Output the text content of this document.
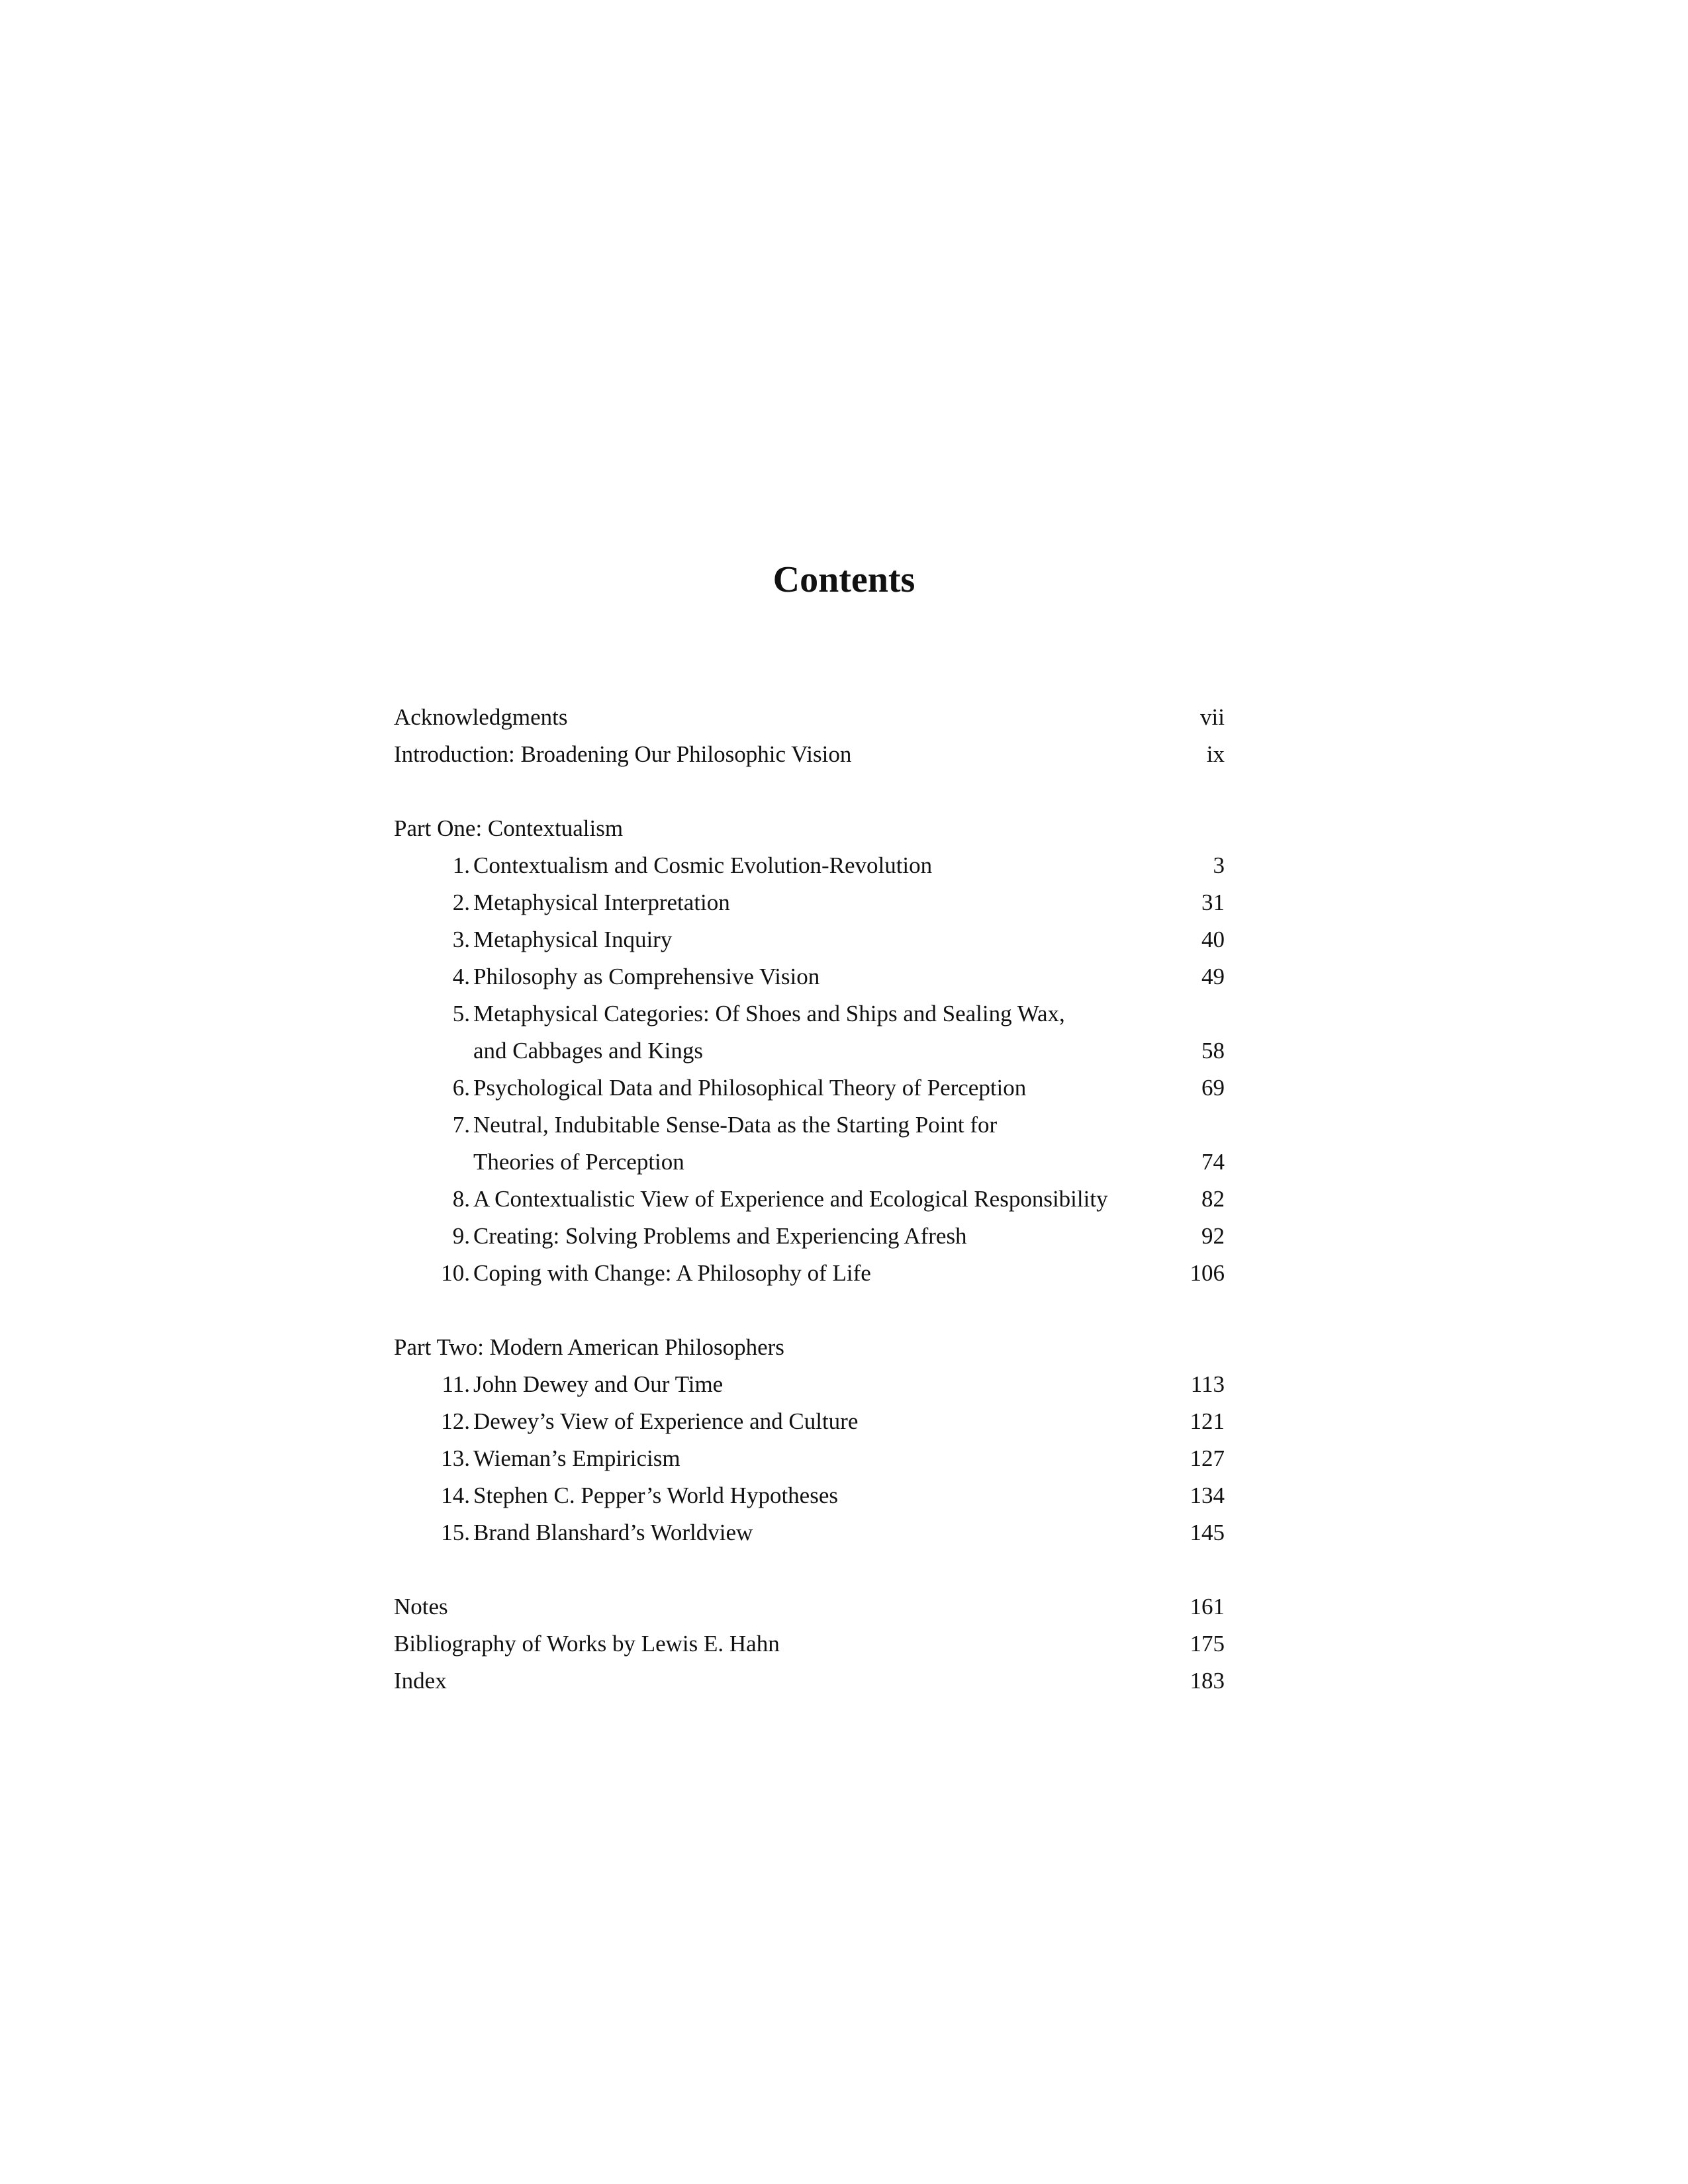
Contents
Acknowledgments	vii
Introduction: Broadening Our Philosophic Vision	ix
Part One: Contextualism
1. Contextualism and Cosmic Evolution-Revolution	3
2. Metaphysical Interpretation	31
3. Metaphysical Inquiry	40
4. Philosophy as Comprehensive Vision	49
5. Metaphysical Categories: Of Shoes and Ships and Sealing Wax,
and Cabbages and Kings	58
6. Psychological Data and Philosophical Theory of Perception	69
7. Neutral, Indubitable Sense-Data as the Starting Point for
Theories of Perception	74
8. A Contextualistic View of Experience and Ecological Responsibility	82
9. Creating: Solving Problems and Experiencing Afresh	92
10. Coping with Change: A Philosophy of Life	106
Part Two: Modern American Philosophers
11. John Dewey and Our Time	113
12. Dewey’s View of Experience and Culture	121
13. Wieman’s Empiricism	127
14. Stephen C. Pepper’s World Hypotheses	134
15. Brand Blanshard’s Worldview	145
Notes	161
Bibliography of Works by Lewis E. Hahn	175
Index	183
